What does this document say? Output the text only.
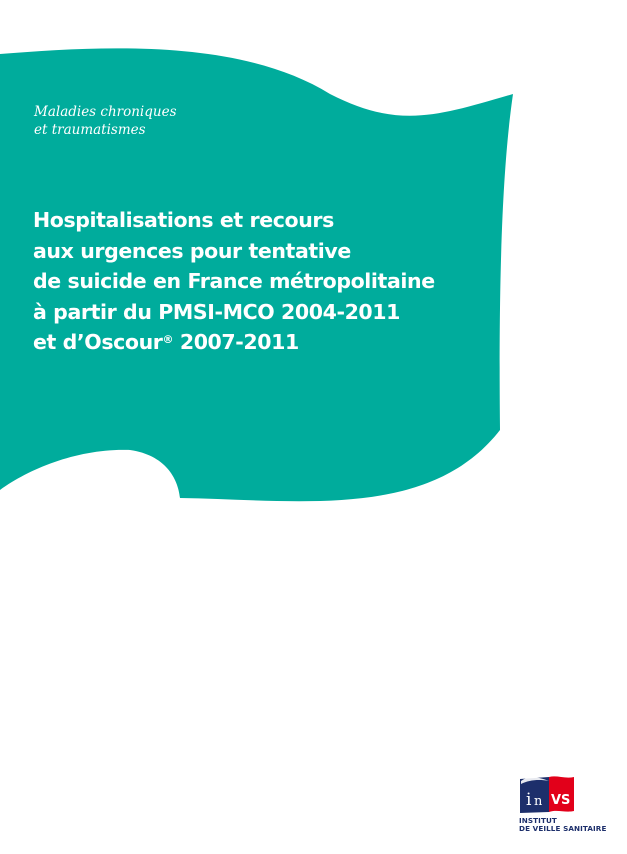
Maladies chroniques
et traumatismes
Hospitalisations et recours
aux urgences pour tentative
de suicide en France métropolitaine
à partir du PMSI-MCO 2004-2011
et d’Oscour® 2007-2011
i n VS
INSTITUT
DE VEILLE SANITAIRE
